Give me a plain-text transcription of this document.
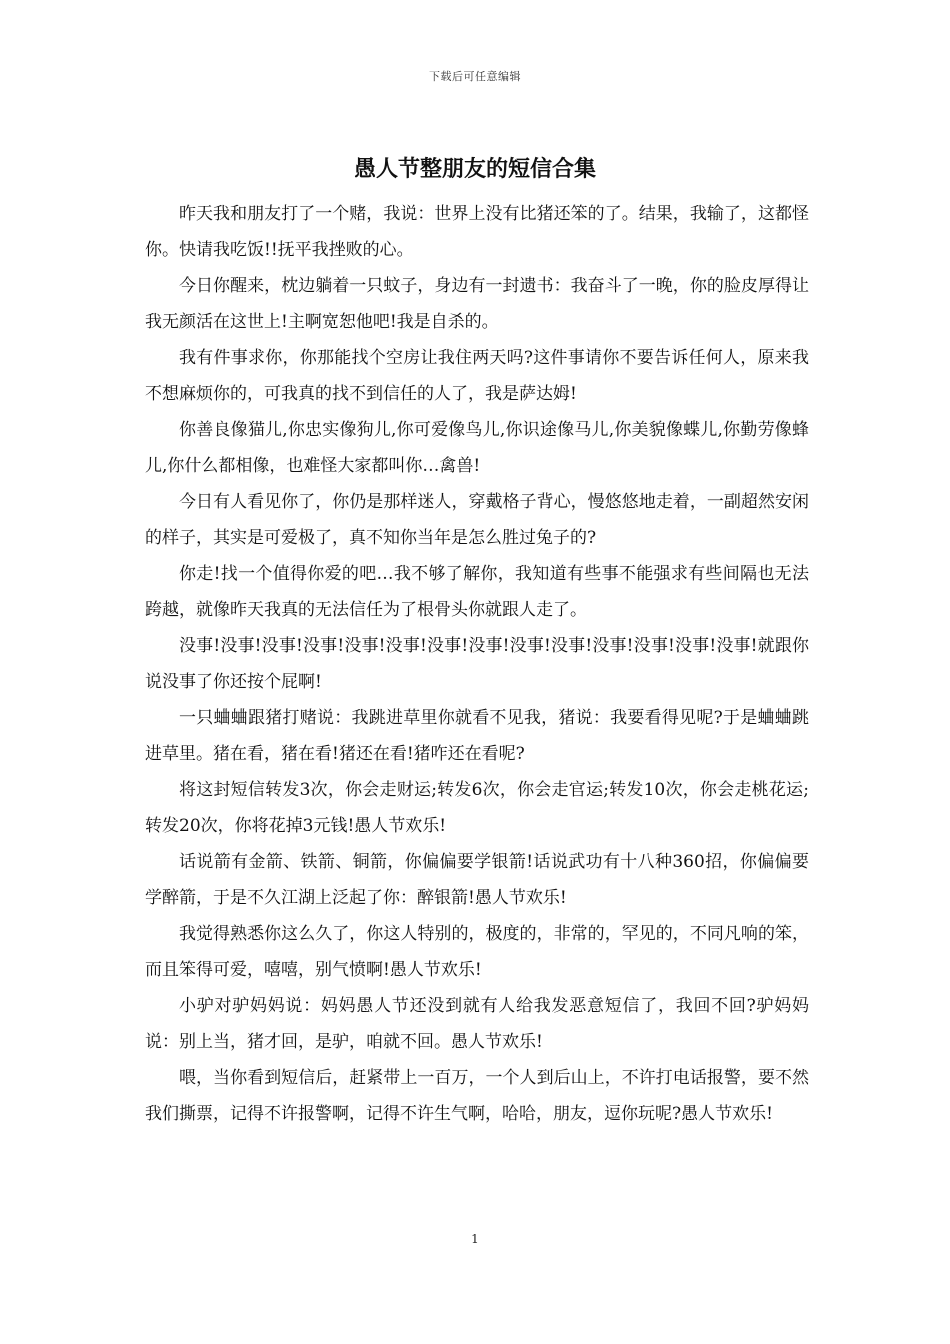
下载后可任意编辑
愚人节整朋友的短信合集

昨天我和朋友打了一个赌，我说：世界上没有比猪还笨的了。结果，我输了，这都怪你。快请我吃饭!!抚平我挫败的心。

今日你醒来，枕边躺着一只蚊子，身边有一封遗书：我奋斗了一晚，你的脸皮厚得让我无颜活在这世上!主啊宽恕他吧!我是自杀的。

我有件事求你，你那能找个空房让我住两天吗?这件事请你不要告诉任何人，原来我不想麻烦你的，可我真的找不到信任的人了，我是萨达姆!

你善良像猫儿,你忠实像狗儿,你可爱像鸟儿,你识途像马儿,你美貌像蝶儿,你勤劳像蜂儿,你什么都相像，也难怪大家都叫你…禽兽!

今日有人看见你了，你仍是那样迷人，穿戴格子背心，慢悠悠地走着，一副超然安闲的样子，其实是可爱极了，真不知你当年是怎么胜过兔子的?

你走!找一个值得你爱的吧…我不够了解你，我知道有些事不能强求有些间隔也无法跨越，就像昨天我真的无法信任为了根骨头你就跟人走了。

没事!没事!没事!没事!没事!没事!没事!没事!没事!没事!没事!没事!没事!没事!就跟你说没事了你还按个屁啊!

一只蛐蛐跟猪打赌说：我跳进草里你就看不见我，猪说：我要看得见呢?于是蛐蛐跳进草里。猪在看，猪在看!猪还在看!猪咋还在看呢?

将这封短信转发3次，你会走财运;转发6次，你会走官运;转发10次，你会走桃花运;转发20次，你将花掉3元钱!愚人节欢乐!

话说箭有金箭、铁箭、铜箭，你偏偏要学银箭!话说武功有十八种360招，你偏偏要学醉箭，于是不久江湖上泛起了你：醉银箭!愚人节欢乐!

我觉得熟悉你这么久了，你这人特别的，极度的，非常的，罕见的，不同凡响的笨，而且笨得可爱，嘻嘻，别气愤啊!愚人节欢乐!

小驴对驴妈妈说：妈妈愚人节还没到就有人给我发恶意短信了，我回不回?驴妈妈说：别上当，猪才回，是驴，咱就不回。愚人节欢乐!

喂，当你看到短信后，赶紧带上一百万，一个人到后山上，不许打电话报警，要不然我们撕票，记得不许报警啊，记得不许生气啊，哈哈，朋友，逗你玩呢?愚人节欢乐!

1
